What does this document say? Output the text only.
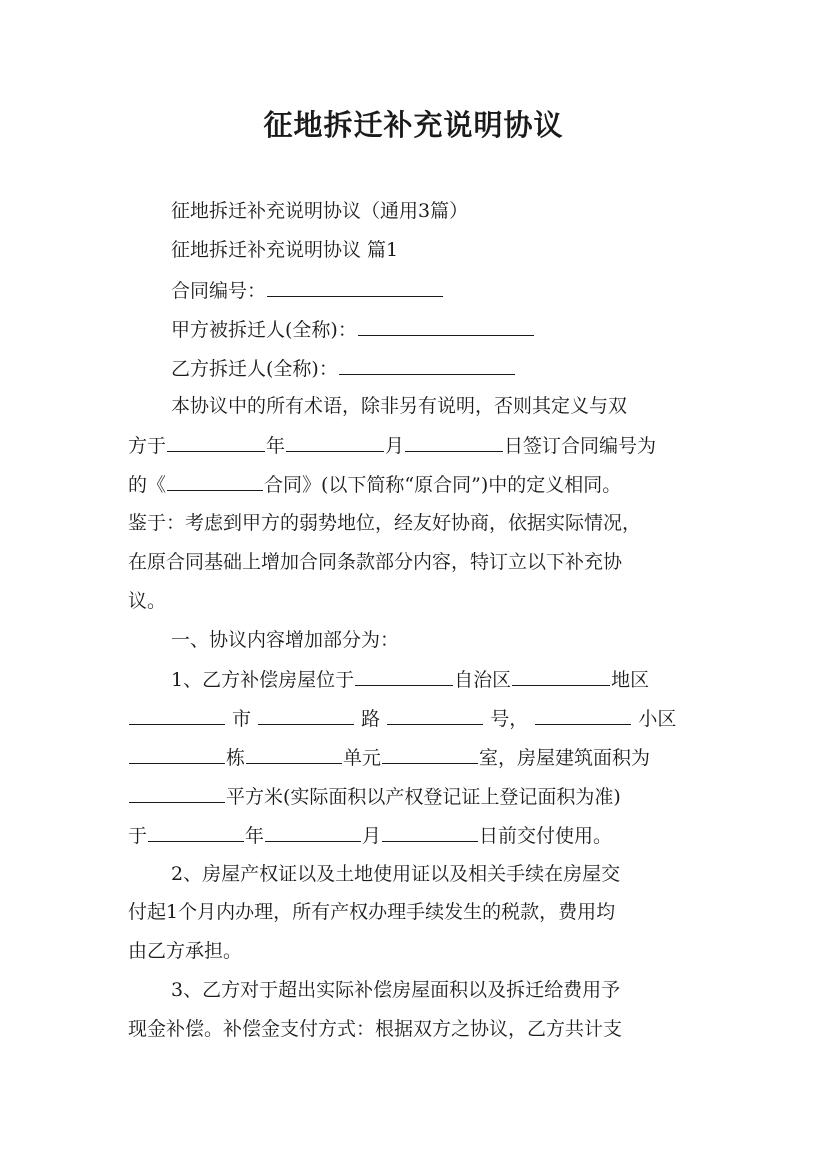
征地拆迁补充说明协议
征地拆迁补充说明协议（通用3篇）
征地拆迁补充说明协议 篇1
合同编号：
甲方被拆迁人(全称)：
乙方拆迁人(全称)：
本协议中的所有术语，除非另有说明，否则其定义与双
方于	年	月	日签订合同编号为
的《	合同》(以下简称“原合同”)中的定义相同。
鉴于：考虑到甲方的弱势地位，经友好协商，依据实际情况，
在原合同基础上增加合同条款部分内容，特订立以下补充协
议。
一、协议内容增加部分为：
1、乙方补偿房屋位于	自治区	地区
市	路	号，	小区
栋	单元	室，房屋建筑面积为
平方米(实际面积以产权登记证上登记面积为准)
于	年	月	日前交付使用。
2、房屋产权证以及土地使用证以及相关手续在房屋交
付起1个月内办理，所有产权办理手续发生的税款，费用均
由乙方承担。
3、乙方对于超出实际补偿房屋面积以及拆迁给费用予
现金补偿。补偿金支付方式：根据双方之协议，乙方共计支
